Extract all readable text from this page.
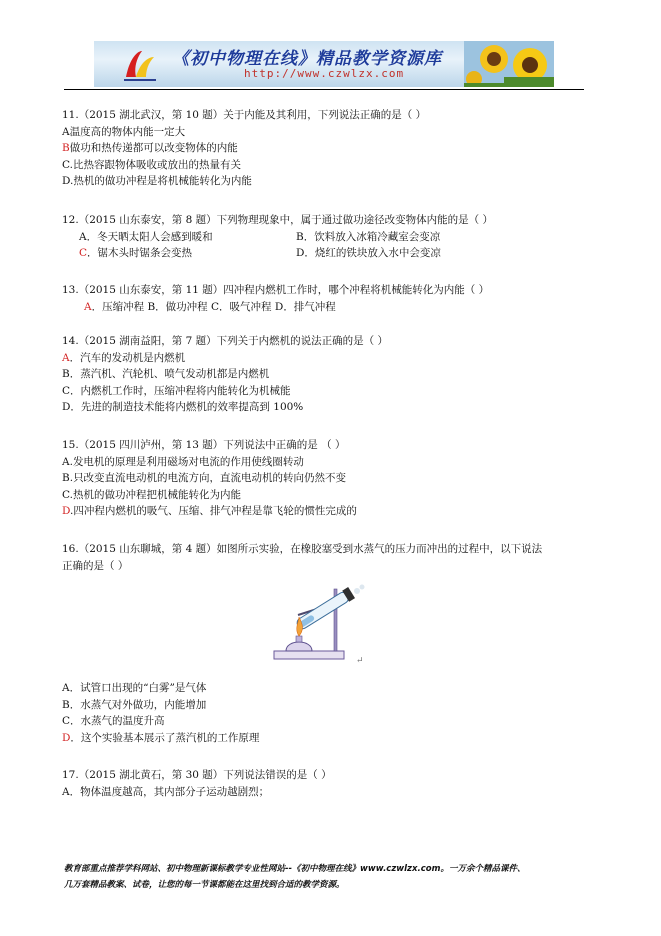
《初中物理在线》精品教学资源库
http://www.czwlzx.com
11.（2015 湖北武汉，第 10 题）关于内能及其利用，下列说法正确的是（ ）
A温度高的物体内能一定大
B做功和热传递都可以改变物体的内能
C.比热容跟物体吸收或放出的热量有关
D.热机的做功冲程是将机械能转化为内能
12.（2015 山东泰安，第 8 题）下列物理现象中，属于通过做功途径改变物体内能的是（ ）
A．冬天晒太阳人会感到暖和	B．饮料放入冰箱冷藏室会变凉
C．锯木头时锯条会变热	D．烧红的铁块放入水中会变凉
13.（2015 山东泰安，第 11 题）四冲程内燃机工作时，哪个冲程将机械能转化为内能（ ）
A．压缩冲程 B．做功冲程 C．吸气冲程 D．排气冲程
14.（2015 湖南益阳，第 7 题）下列关于内燃机的说法正确的是（ ）
A．汽车的发动机是内燃机
B．蒸汽机、汽轮机、喷气发动机都是内燃机
C．内燃机工作时，压缩冲程将内能转化为机械能
D．先进的制造技术能将内燃机的效率提高到 100%
15.（2015 四川泸州，第 13 题）下列说法中正确的是 （ ）
A.发电机的原理是利用磁场对电流的作用使线圈转动
B.只改变直流电动机的电流方向，直流电动机的转向仍然不变
C.热机的做功冲程把机械能转化为内能
D.四冲程内燃机的吸气、压缩、排气冲程是靠飞轮的惯性完成的
16.（2015 山东聊城，第 4 题）如图所示实验，在橡胶塞受到水蒸气的压力而冲出的过程中，以下说法
正确的是（ ）
↵
A．试管口出现的“白雾”是气体
B．水蒸气对外做功，内能增加
C．水蒸气的温度升高
D．这个实验基本展示了蒸汽机的工作原理
17.（2015 湖北黄石，第 30 题）下列说法错误的是（ ）
A．物体温度越高，其内部分子运动越剧烈；
教育部重点推荐学科网站、初中物理新课标教学专业性网站--《初中物理在线》www.czwlzx.com。一万余个精品课件、
几万套精品教案、试卷，让您的每一节课都能在这里找到合适的教学资源。
